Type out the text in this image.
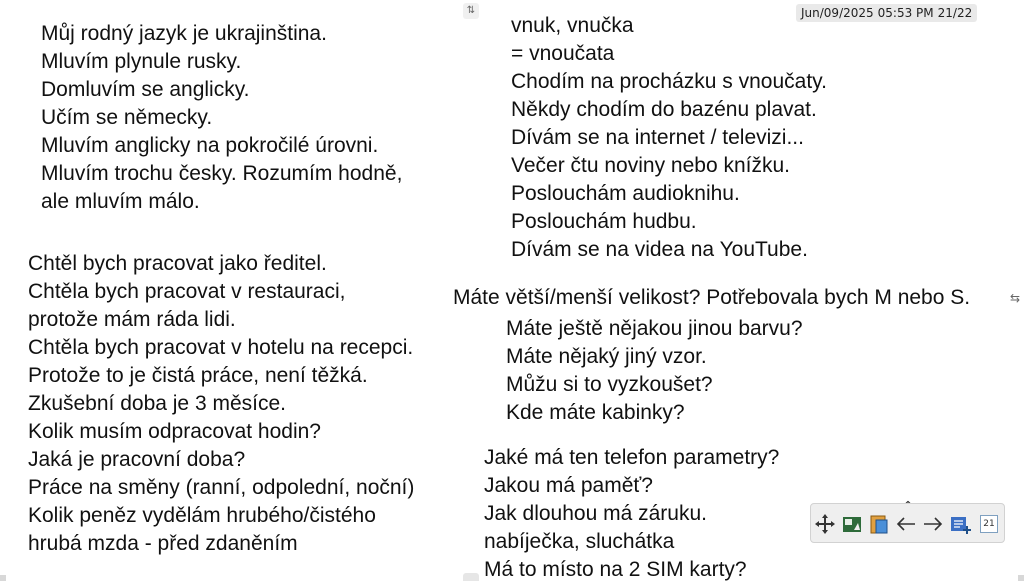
⇅	Jun/09/2025 05:53 PM 21/22
⇆
Můj rodný jazyk je ukrajinština.
Mluvím plynule rusky.
Domluvím se anglicky.
Učím se německy.
Mluvím anglicky na pokročilé úrovni.
Mluvím trochu česky. Rozumím hodně,
ale mluvím málo.
Chtěl bych pracovat jako ředitel.
Chtěla bych pracovat v restauraci,
protože mám ráda lidi.
Chtěla bych pracovat v hotelu na recepci.
Protože to je čistá práce, není těžká.
Zkušební doba je 3 měsíce.
Kolik musím odpracovat hodin?
Jaká je pracovní doba?
Práce na směny (ranní, odpolední, noční)
Kolik peněz vydělám hrubého/čistého
hrubá mzda - před zdaněním
vnuk, vnučka
= vnoučata
Chodím na procházku s vnoučaty.
Někdy chodím do bazénu plavat.
Dívám se na internet / televizi...
Večer čtu noviny nebo knížku.
Poslouchám audioknihu.
Poslouchám hudbu.
Dívám se na videa na YouTube.
Máte větší/menší velikost? Potřebovala bych M nebo S.
Máte ještě nějakou jinou barvu?
Máte nějaký jiný vzor.
Můžu si to vyzkoušet?
Kde máte kabinky?
Jaké má ten telefon parametry?
Jakou má paměť?
Jak dlouhou má záruku.
nabíječka, sluchátka
Má to místo na 2 SIM karty?
21
